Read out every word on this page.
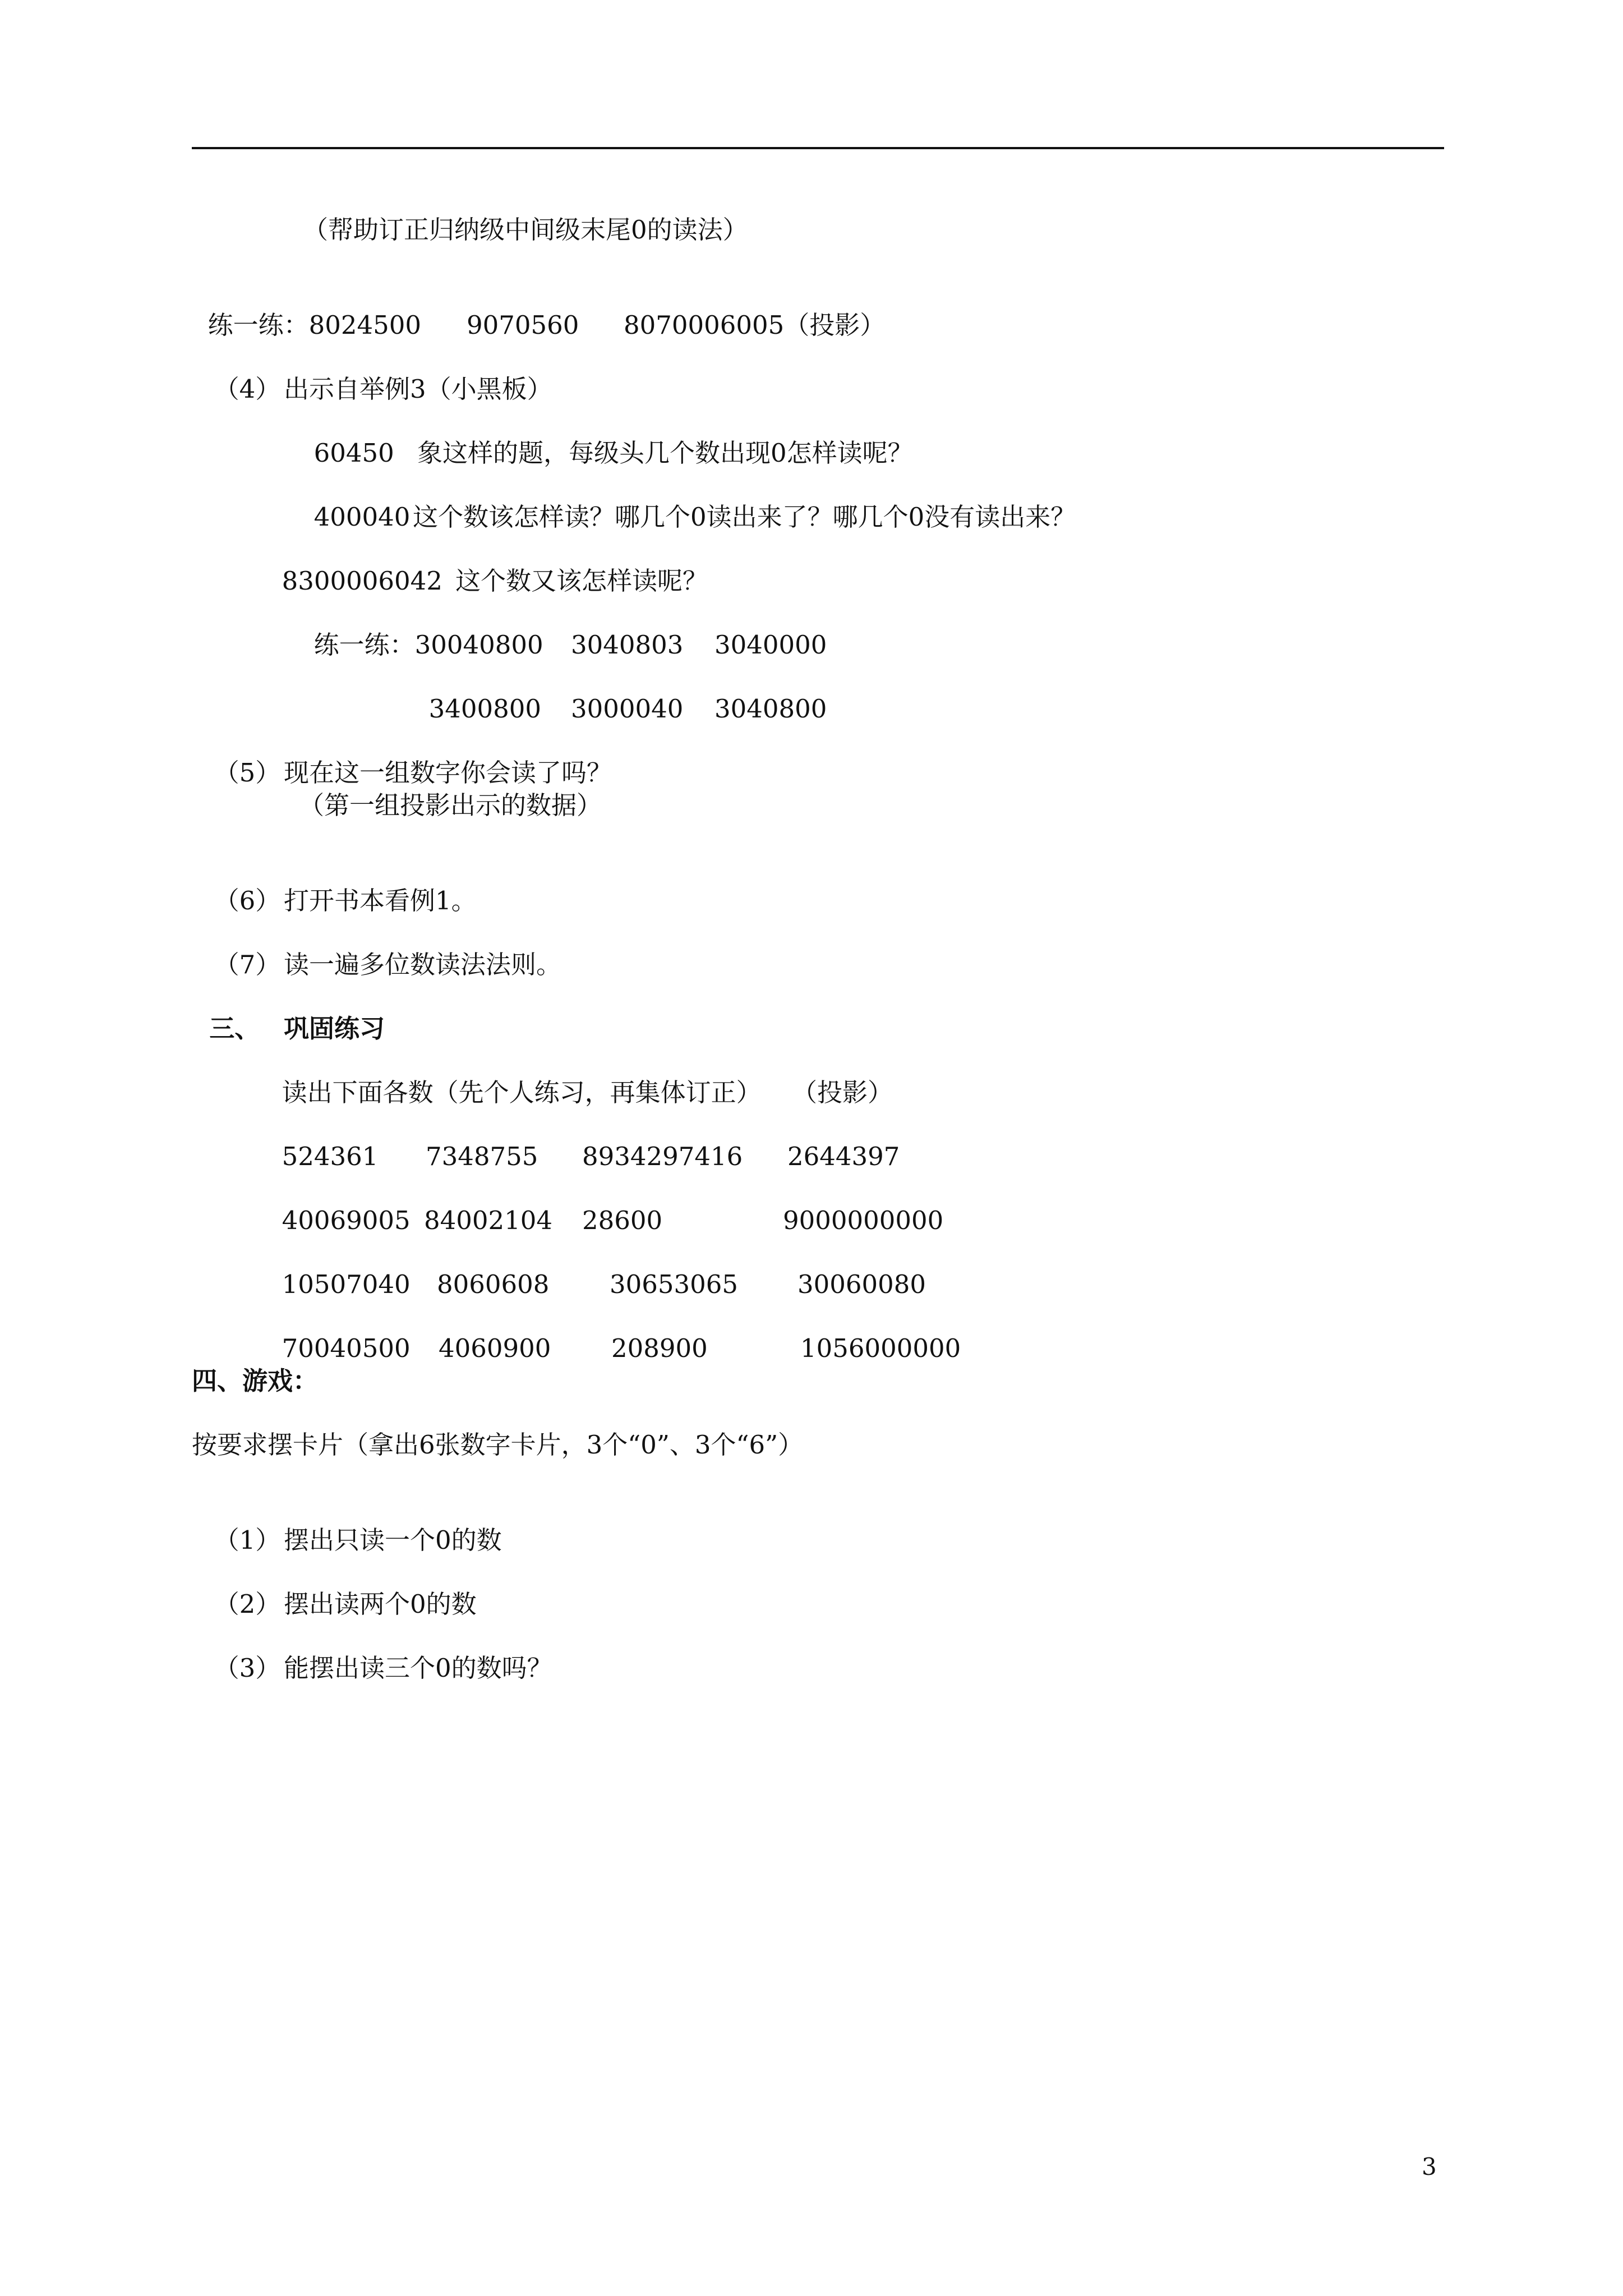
（帮助订正归纳级中间级末尾0的读法）

练一练：8024500 9070560 8070006005（投影）

（4） 出示自举例3（小黑板）

60450 象这样的题，每级头几个数出现0怎样读呢？

400040 这个数该怎样读？哪几个0读出来了？哪几个0没有读出来？

8300006042 这个数又该怎样读呢？

练一练：30040800 3040803 3040000

3400800 3000040 3040800

（5） 现在这一组数字你会读了吗？

（第一组投影出示的数据）

（6） 打开书本看例1。

（7） 读一遍多位数读法法则。

三、 巩固练习

读出下面各数（先个人练习，再集体订正） （投影）

524361 7348755 8934297416 2644397

40069005 84002104 28600	9000000000

10507040 8060608 30653065 30060080

70040500 4060900 208900	1056000000

四、游戏：
按要求摆卡片（拿出6张数字卡片，3个“0”、3个“6”）

（1） 摆出只读一个0的数

（2） 摆出读两个0的数

（3） 能摆出读三个0的数吗？

3
